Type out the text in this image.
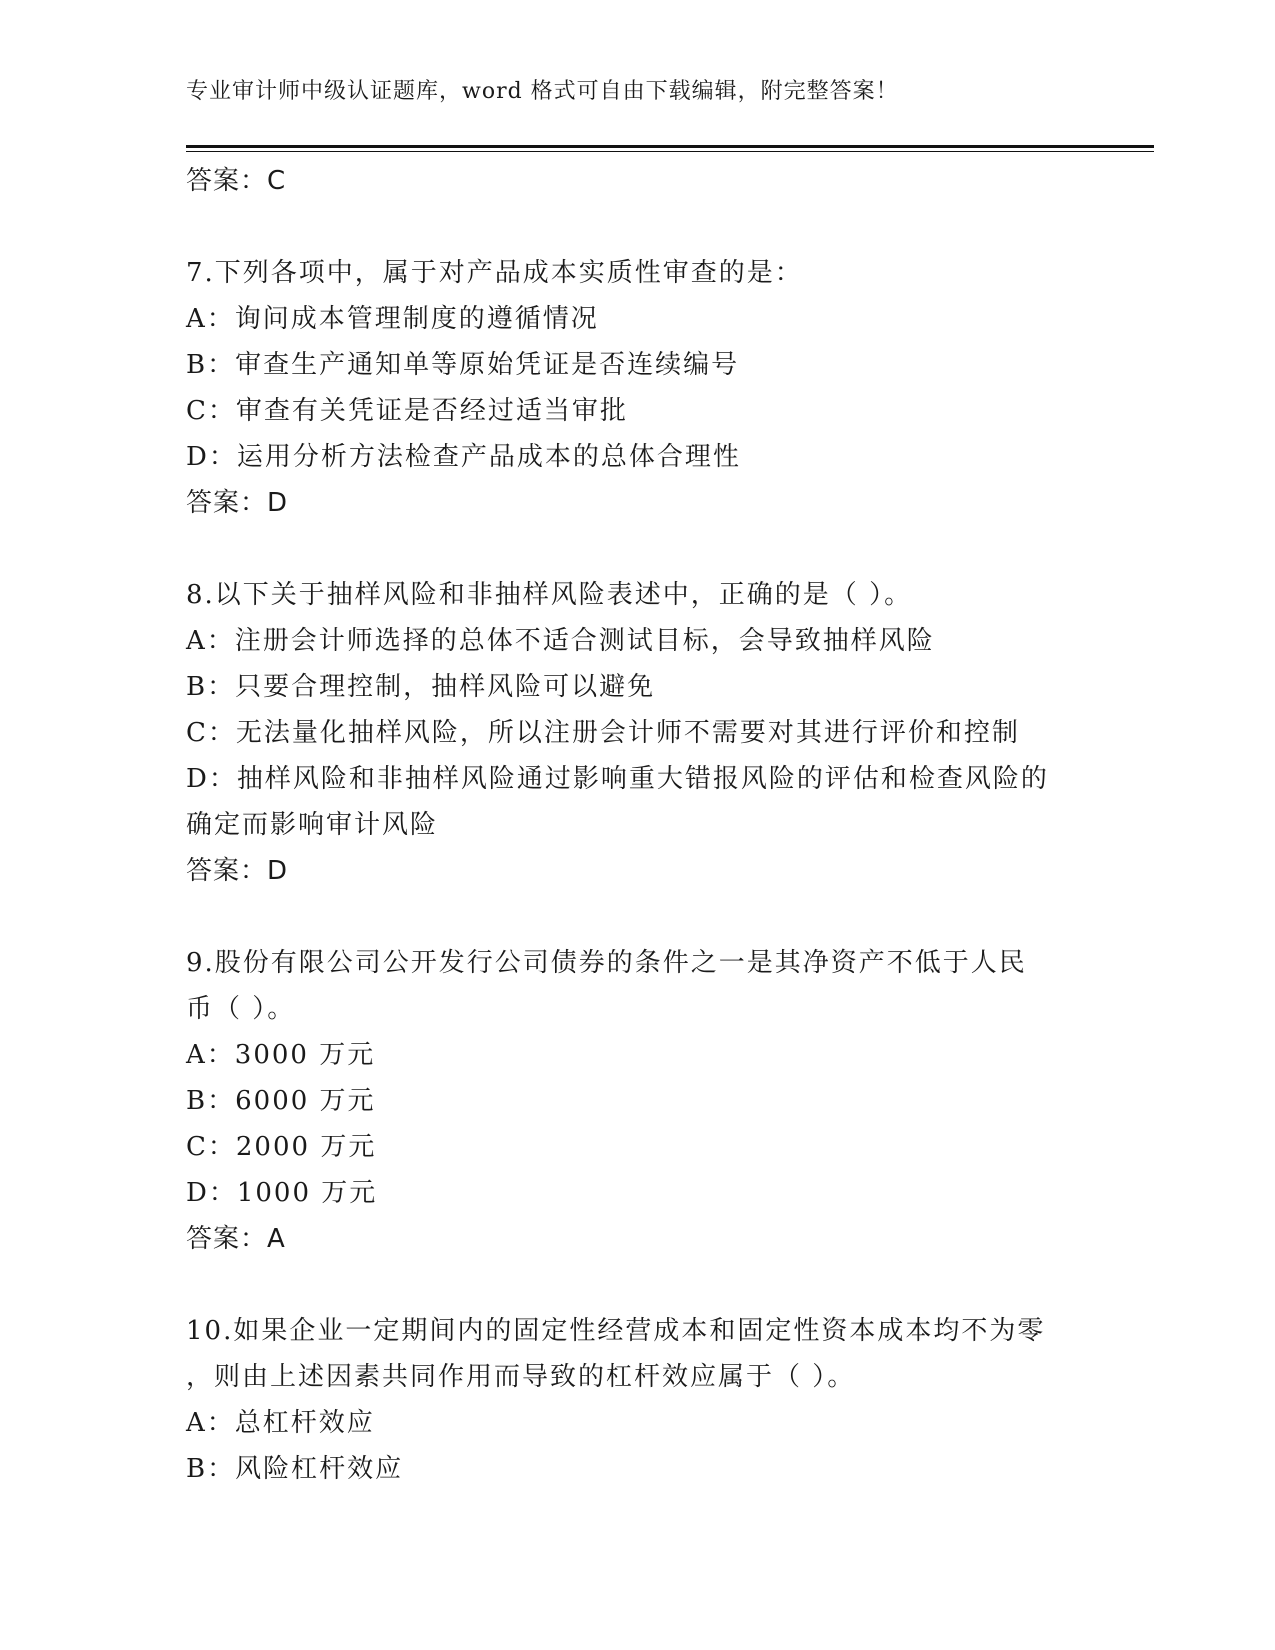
专业审计师中级认证题库，word 格式可自由下载编辑，附完整答案！
答案：C
7.下列各项中，属于对产品成本实质性审查的是：
A：询问成本管理制度的遵循情况
B：审查生产通知单等原始凭证是否连续编号
C：审查有关凭证是否经过适当审批
D：运用分析方法检查产品成本的总体合理性
答案：D
8.以下关于抽样风险和非抽样风险表述中，正确的是（ ）。
A：注册会计师选择的总体不适合测试目标，会导致抽样风险
B：只要合理控制，抽样风险可以避免
C：无法量化抽样风险，所以注册会计师不需要对其进行评价和控制
D：抽样风险和非抽样风险通过影响重大错报风险的评估和检查风险的
确定而影响审计风险
答案：D
9.股份有限公司公开发行公司债券的条件之一是其净资产不低于人民
币（ ）。
A：3000 万元
B：6000 万元
C：2000 万元
D：1000 万元
答案：A
10.如果企业一定期间内的固定性经营成本和固定性资本成本均不为零
，则由上述因素共同作用而导致的杠杆效应属于（ ）。
A：总杠杆效应
B：风险杠杆效应
